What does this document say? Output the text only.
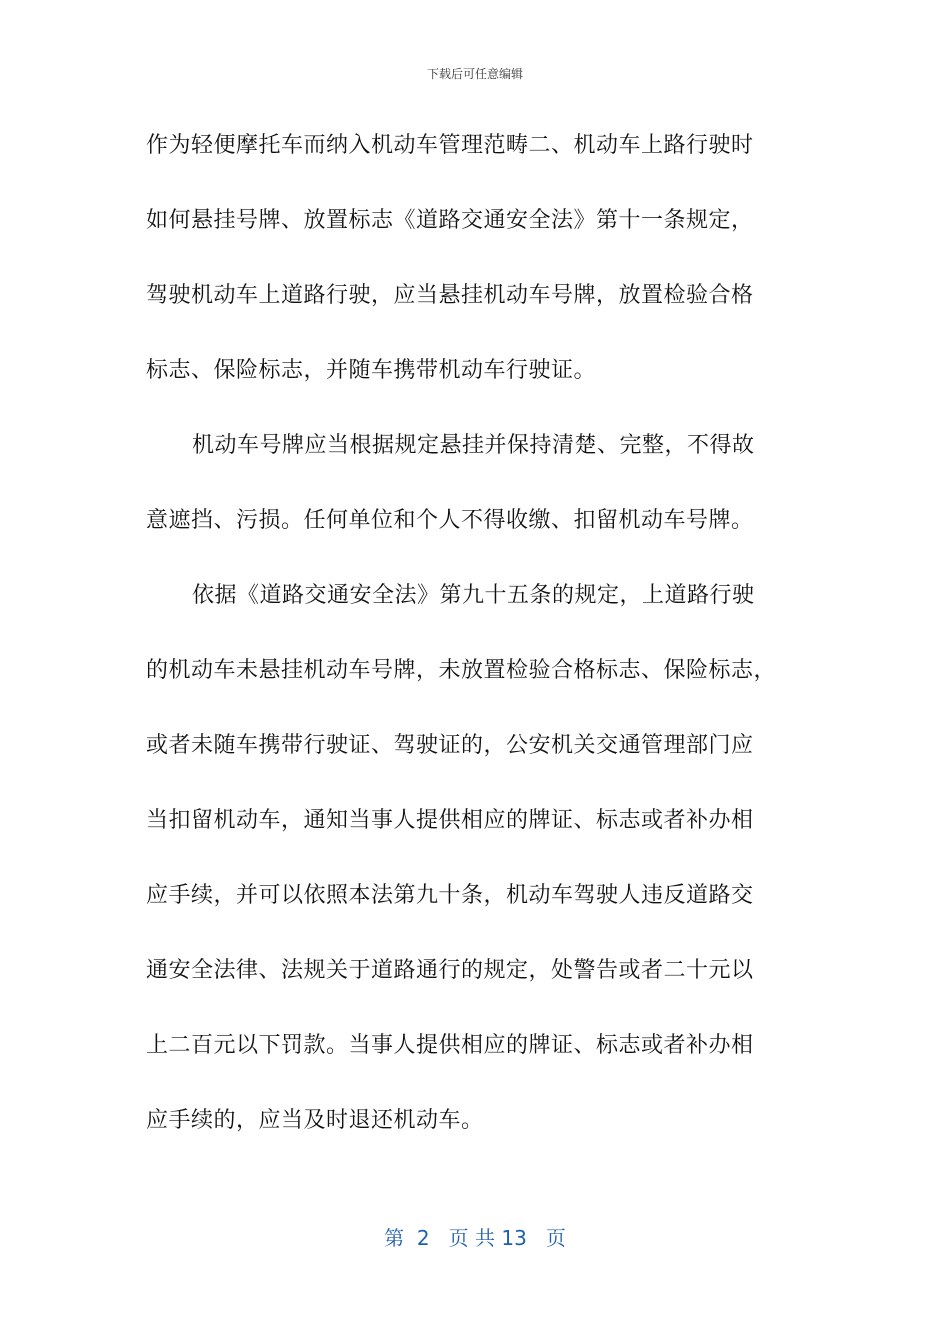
下载后可任意编辑
作为轻便摩托车而纳入机动车管理范畴二、机动车上路行驶时
如何悬挂号牌、放置标志《道路交通安全法》第十一条规定，
驾驶机动车上道路行驶，应当悬挂机动车号牌，放置检验合格
标志、保险标志，并随车携带机动车行驶证。
机动车号牌应当根据规定悬挂并保持清楚、完整，不得故
意遮挡、污损。任何单位和个人不得收缴、扣留机动车号牌。
依据《道路交通安全法》第九十五条的规定，上道路行驶
的机动车未悬挂机动车号牌，未放置检验合格标志、保险标志，
或者未随车携带行驶证、驾驶证的，公安机关交通管理部门应
当扣留机动车，通知当事人提供相应的牌证、标志或者补办相
应手续，并可以依照本法第九十条，机动车驾驶人违反道路交
通安全法律、法规关于道路通行的规定，处警告或者二十元以
上二百元以下罚款。当事人提供相应的牌证、标志或者补办相
应手续的，应当及时退还机动车。
第  2   页 共 13   页
